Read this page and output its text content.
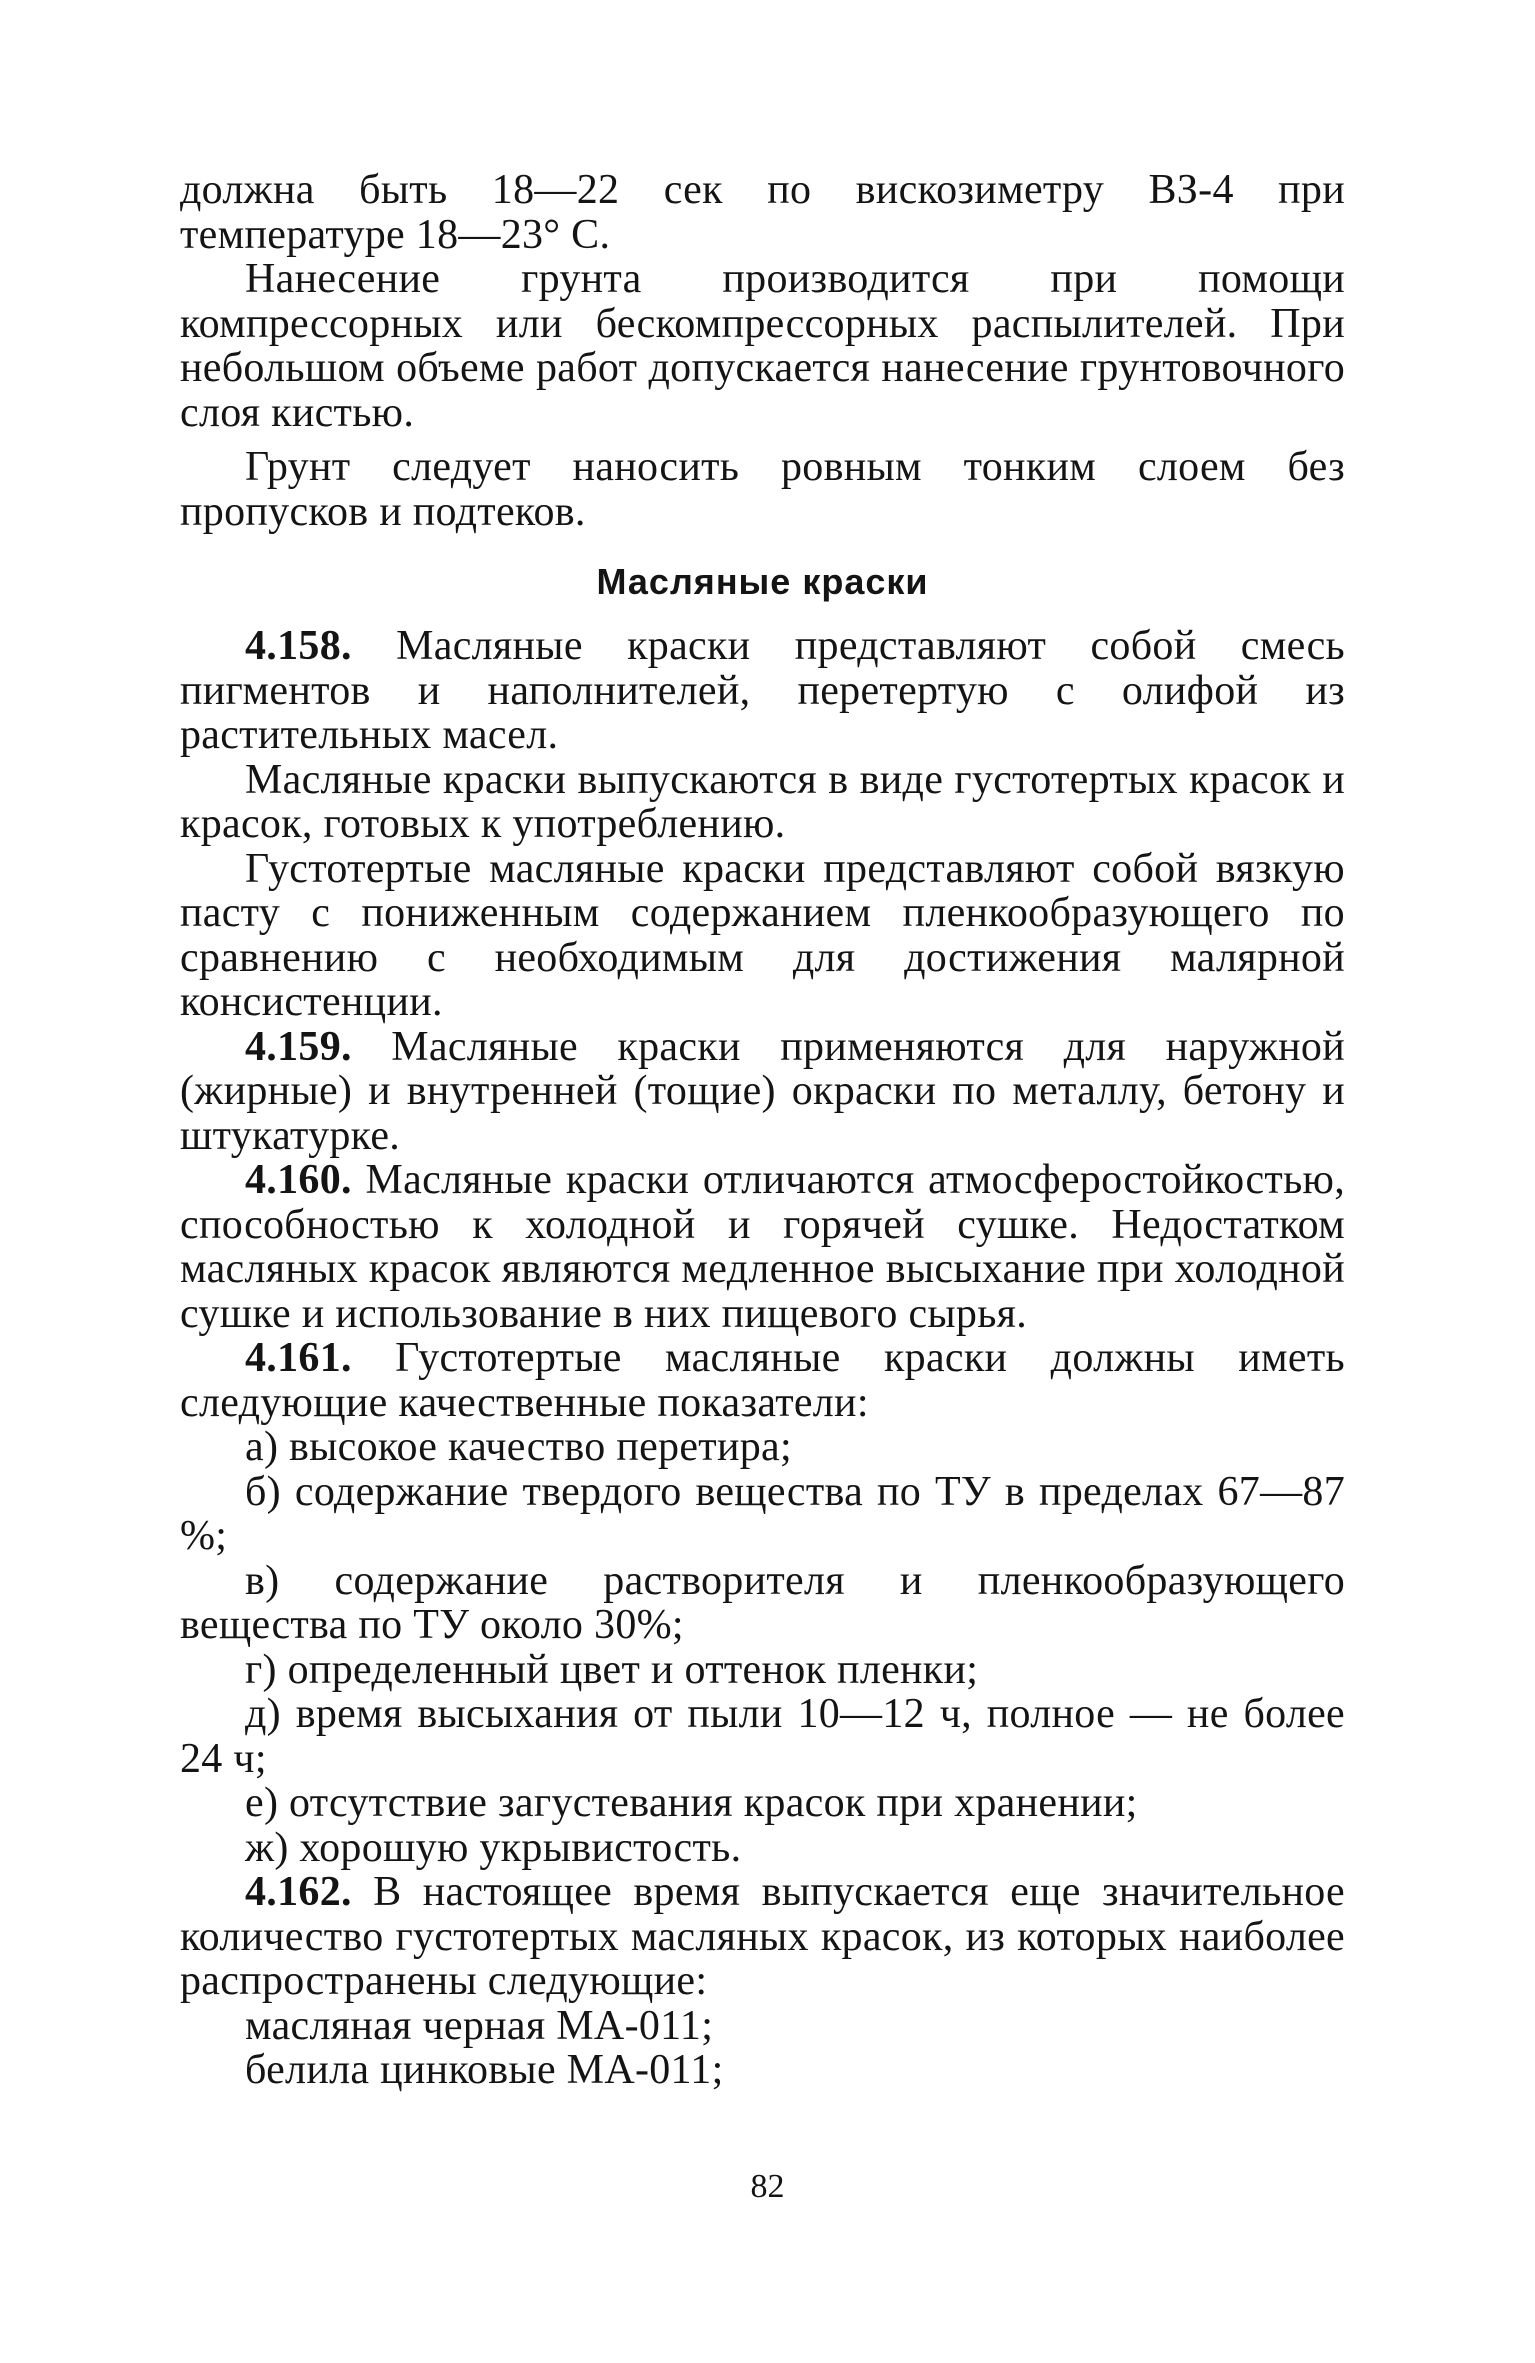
должна быть 18—22 сек по вискозиметру ВЗ-4 при температуре 18—23° С.

Нанесение грунта производится при помощи компрессорных или бескомпрессорных распылителей. При небольшом объеме работ допускается нанесение грунтовочного слоя кистью.

Грунт следует наносить ровным тонким слоем без пропусков и подтеков.

Масляные краски

4.158. Масляные краски представляют собой смесь пигментов и наполнителей, перетертую с олифой из растительных масел.

Масляные краски выпускаются в виде густотертых красок и красок, готовых к употреблению.

Густотертые масляные краски представляют собой вязкую пасту с пониженным содержанием пленкообразующего по сравнению с необходимым для достижения малярной консистенции.

4.159. Масляные краски применяются для наружной (жирные) и внутренней (тощие) окраски по металлу, бетону и штукатурке.

4.160. Масляные краски отличаются атмосферостойкостью, способностью к холодной и горячей сушке. Недостатком масляных красок являются медленное высыхание при холодной сушке и использование в них пищевого сырья.

4.161. Густотертые масляные краски должны иметь следующие качественные показатели:

а) высокое качество перетира;

б) содержание твердого вещества по ТУ в пределах 67—87 %;

в) содержание растворителя и пленкообразующего вещества по ТУ около 30%;

г) определенный цвет и оттенок пленки;

д) время высыхания от пыли 10—12 ч, полное — не более 24 ч;

е) отсутствие загустевания красок при хранении;

ж) хорошую укрывистость.

4.162. В настоящее время выпускается еще значительное количество густотертых масляных красок, из которых наиболее распространены следующие:

масляная черная МА-011;

белила цинковые МА-011;

82
